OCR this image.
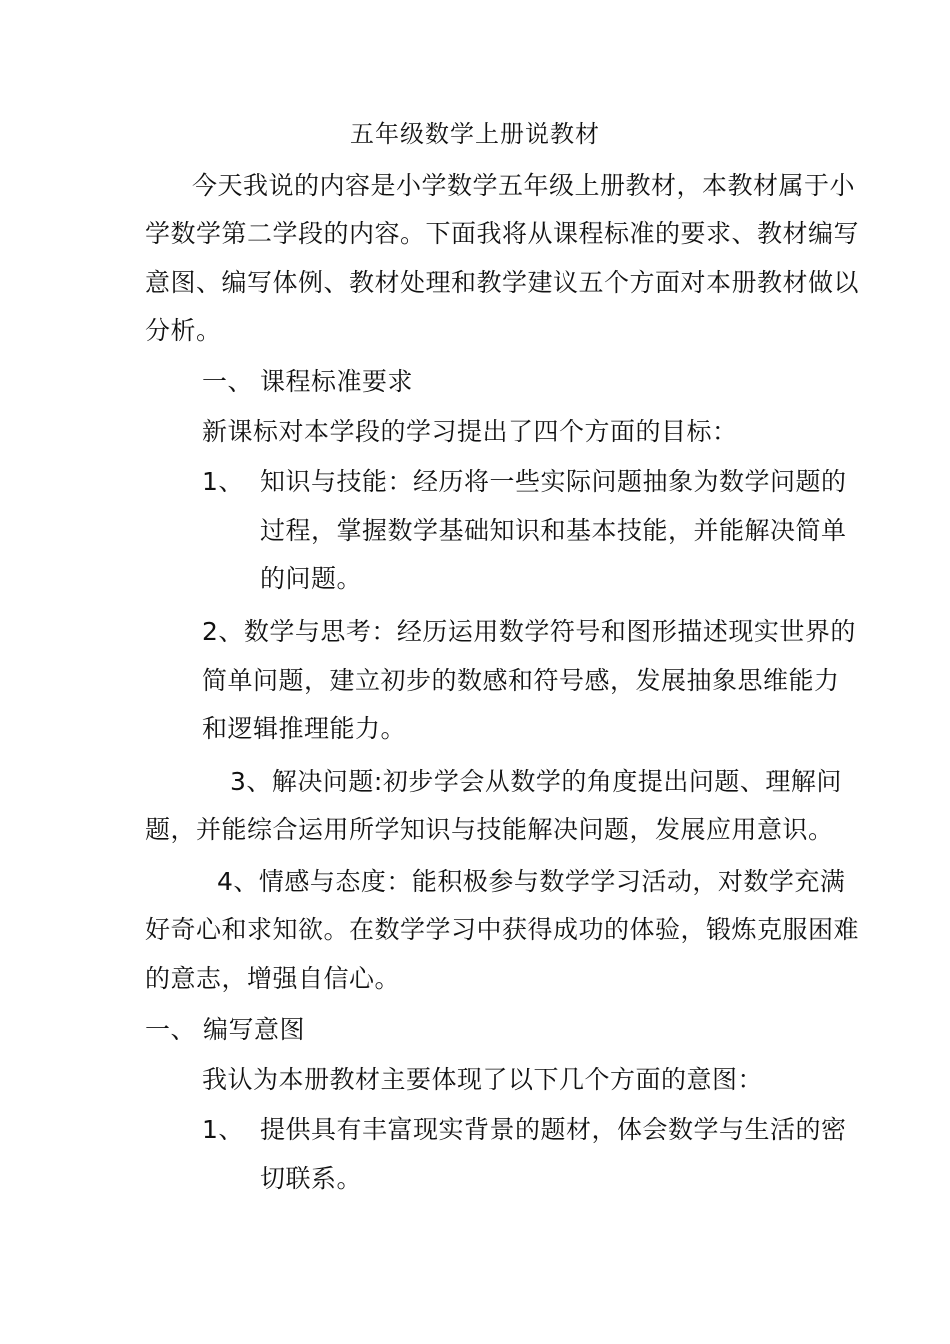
五年级数学上册说教材
今天我说的内容是小学数学五年级上册教材，本教材属于小
学数学第二学段的内容。下面我将从课程标准的要求、教材编写
意图、编写体例、教材处理和教学建议五个方面对本册教材做以
分析。
一、 课程标准要求
新课标对本学段的学习提出了四个方面的目标：
1、 知识与技能：经历将一些实际问题抽象为数学问题的
过程，掌握数学基础知识和基本技能，并能解决简单
的问题。
2、数学与思考：经历运用数学符号和图形描述现实世界的
简单问题，建立初步的数感和符号感，发展抽象思维能力
和逻辑推理能力。
3、解决问题:初步学会从数学的角度提出问题、理解问
题，并能综合运用所学知识与技能解决问题，发展应用意识。
4、情感与态度：能积极参与数学学习活动，对数学充满
好奇心和求知欲。在数学学习中获得成功的体验，锻炼克服困难
的意志，增强自信心。
一、 编写意图
我认为本册教材主要体现了以下几个方面的意图：
1、 提供具有丰富现实背景的题材，体会数学与生活的密
切联系。
